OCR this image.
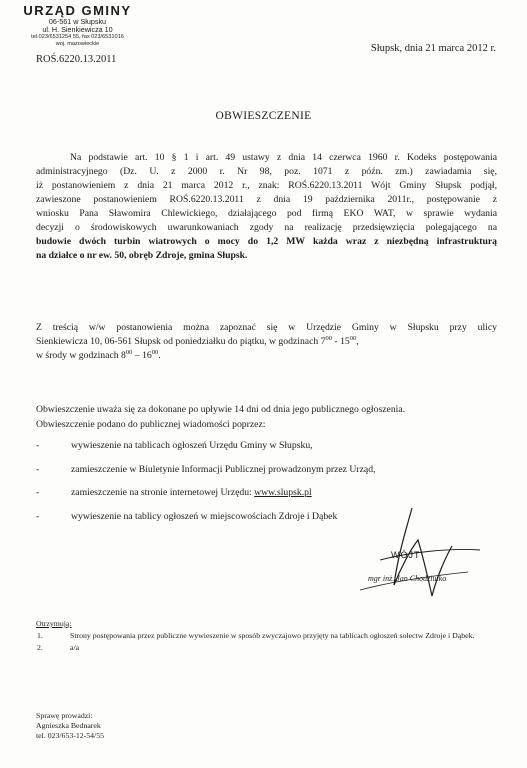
URZĄD GMINY

06-561 w Słupsku

ul. H. Sienkiewicza 10

tel.023/6531254 55, fax 023/6531016

woj. mazowieckie

ROŚ.6220.13.2011
Słupsk, dnia 21 marca 2012 r.
OBWIESZCZENIE
Na podstawie art. 10 § 1 i art. 49 ustawy z dnia 14 czerwca 1960 r. Kodeks postępowania
administracyjnego (Dz. U. z 2000 r. Nr 98, poz. 1071 z późn. zm.) zawiadamia się,
iż postanowieniem z dnia 21 marca 2012 r., znak: ROŚ.6220.13.2011 Wójt Gminy Słupsk podjął,
zawieszone postanowieniem ROŚ.6220.13.2011 z dnia 19 października 2011r., postępowanie z
wniosku Pana Sławomira Chlewickiego, działającego pod firmą EKO WAT, w sprawie wydania
decyzji o środowiskowych uwarunkowaniach zgody na realizację przedsięwzięcia polegającego na
budowie dwóch turbin wiatrowych o mocy do 1,2 MW każda wraz z niezbędną infrastrukturą
na działce o nr ew. 50, obręb Zdroje, gmina Słupsk.
Z treścią w/w postanowienia można zapoznać się w Urzędzie Gminy w Słupsku przy ulicy
Sienkiewicza 10, 06-561 Słupsk od poniedziałku do piątku, w godzinach $7^{00} - 15^{00}$,
w środy w godzinach $8^{00} - 16^{00}$.
Obwieszczenie uważa się za dokonane po upływie 14 dni od dnia jego publicznego ogłoszenia.
Obwieszczenie podano do publicznej wiadomości poprzez:
-	wywieszenie na tablicach ogłoszeń Urzędu Gminy w Słupsku,
-	zamieszczenie w Biuletynie Informacji Publicznej prowadzonym przez Urząd,
-	zamieszczenie na stronie internetowej Urzędu: www.slupsk.pl
-	wywieszenie na tablicy ogłoszeń w miejscowościach Zdroje i Dąbek
WÓJT
mgr inż. Jan Chodziutko

Otrzymują:

1.	Strony postępowania przez publiczne wywieszenie w sposób zwyczajowo przyjęty na tablicach ogłoszeń sołectw Zdroje i Dąbek.
2.	a/a

Sprawę prowadzi:

Agnieszka Bednarek

tel. 023/653-12-54/55
